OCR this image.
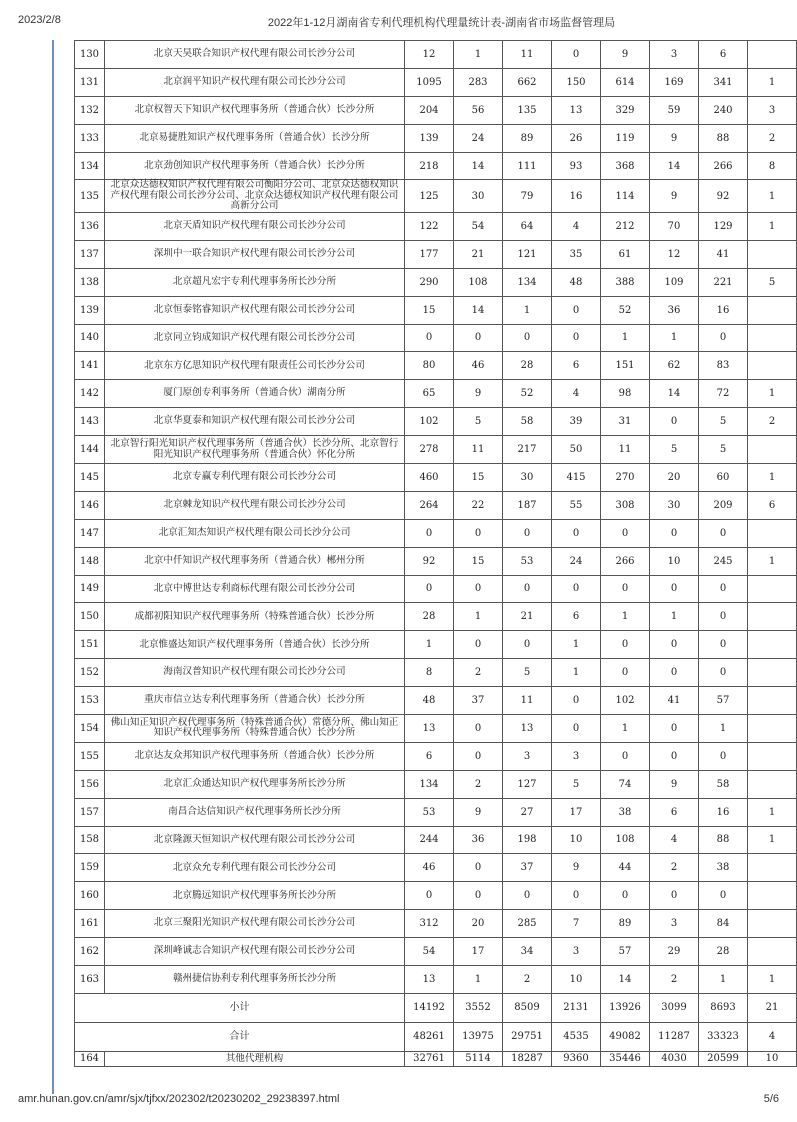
2023/2/8	2022年1-12月湖南省专利代理机构代理量统计表-湖南省市场监督管理局
130	北京天昊联合知识产权代理有限公司长沙分公司	12	1	11	0	9	3	6	
131	北京润平知识产权代理有限公司长沙分公司	1095	283	662	150	614	169	341	1
132	北京权智天下知识产权代理事务所（普通合伙）长沙分所	204	56	135	13	329	59	240	3
133	北京易捷胜知识产权代理事务所（普通合伙）长沙分所	139	24	89	26	119	9	88	2
134	北京劲创知识产权代理事务所（普通合伙）长沙分所	218	14	111	93	368	14	266	8
135	北京众达德权知识产权代理有限公司衡阳分公司、北京众达德权知识产权代理有限公司长沙分公司、北京众达德权知识产权代理有限公司高新分公司	125	30	79	16	114	9	92	1
136	北京天盾知识产权代理有限公司长沙分公司	122	54	64	4	212	70	129	1
137	深圳中一联合知识产权代理有限公司长沙分公司	177	21	121	35	61	12	41	
138	北京超凡宏宇专利代理事务所长沙分所	290	108	134	48	388	109	221	5
139	北京恒泰铭睿知识产权代理有限公司长沙分公司	15	14	1	0	52	36	16	
140	北京同立钧成知识产权代理有限公司长沙分公司	0	0	0	0	1	1	0	
141	北京东方亿思知识产权代理有限责任公司长沙分公司	80	46	28	6	151	62	83	
142	厦门原创专利事务所（普通合伙）湖南分所	65	9	52	4	98	14	72	1
143	北京华夏泰和知识产权代理有限公司长沙分公司	102	5	58	39	31	0	5	2
144	北京智行阳光知识产权代理事务所（普通合伙）长沙分所、北京智行阳光知识产权代理事务所（普通合伙）怀化分所	278	11	217	50	11	5	5	
145	北京专赢专利代理有限公司长沙分公司	460	15	30	415	270	20	60	1
146	北京棘龙知识产权代理有限公司长沙分公司	264	22	187	55	308	30	209	6
147	北京汇知杰知识产权代理有限公司长沙分公司	0	0	0	0	0	0	0	
148	北京中仟知识产权代理事务所（普通合伙）郴州分所	92	15	53	24	266	10	245	1
149	北京中博世达专利商标代理有限公司长沙分公司	0	0	0	0	0	0	0	
150	成都初阳知识产权代理事务所（特殊普通合伙）长沙分所	28	1	21	6	1	1	0	
151	北京惟盛达知识产权代理事务所（普通合伙）长沙分所	1	0	0	1	0	0	0	
152	海南汉普知识产权代理有限公司长沙分公司	8	2	5	1	0	0	0	
153	重庆市信立达专利代理事务所（普通合伙）长沙分所	48	37	11	0	102	41	57	
154	佛山知正知识产权代理事务所（特殊普通合伙）常德分所、佛山知正知识产权代理事务所（特殊普通合伙）长沙分所	13	0	13	0	1	0	1	
155	北京达友众邦知识产权代理事务所（普通合伙）长沙分所	6	0	3	3	0	0	0	
156	北京汇众通达知识产权代理事务所长沙分所	134	2	127	5	74	9	58	
157	南昌合达信知识产权代理事务所长沙分所	53	9	27	17	38	6	16	1
158	北京隆源天恒知识产权代理有限公司长沙分公司	244	36	198	10	108	4	88	1
159	北京众允专利代理有限公司长沙分公司	46	0	37	9	44	2	38	
160	北京腾远知识产权代理事务所长沙分所	0	0	0	0	0	0	0	
161	北京三聚阳光知识产权代理有限公司长沙分公司	312	20	285	7	89	3	84	
162	深圳峰诚志合知识产权代理有限公司长沙分公司	54	17	34	3	57	29	28	
163	赣州捷信协利专利代理事务所长沙分所	13	1	2	10	14	2	1	1
小计		14192	3552	8509	2131	13926	3099	8693	21
合计		48261	13975	29751	4535	49082	11287	33323	4
164	其他代理机构	32761	5114	18287	9360	35446	4030	20599	10
amr.hunan.gov.cn/amr/sjx/tjfxx/202302/t20230202_29238397.html	5/6
